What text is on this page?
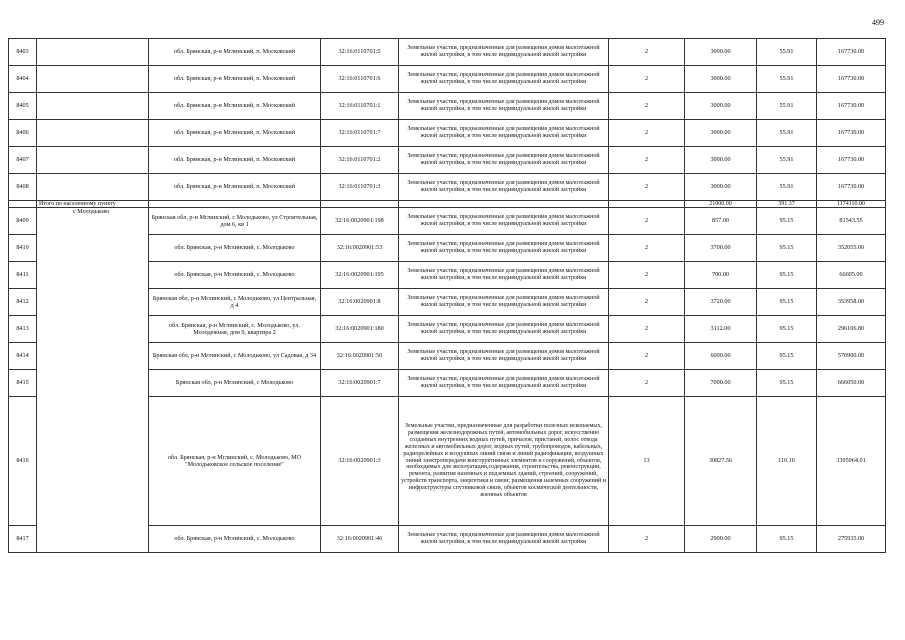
499
8403		обл. Брянская, р-н Мглинский, п. Московский	32:16:0110701:5	Земельные участки, предназначенные для размещения домов малоэтажной жилой застройки, в том числе индивидуальной жилой застройки	2	3000.00	55.91	167730.00
8404		обл. Брянская, р-н Мглинский, п. Московский	32:16:0110701:6	Земельные участки, предназначенные для размещения домов малоэтажной жилой застройки, в том числе индивидуальной жилой застройки	2	3000.00	55.91	167730.00
8405		обл. Брянская, р-н Мглинский, п. Московский	32:16:0110701:1	Земельные участки, предназначенные для размещения домов малоэтажной жилой застройки, в том числе индивидуальной жилой застройки	2	3000.00	55.91	167730.00
8406		обл. Брянская, р-н Мглинский, п. Московский	32:16:0110701:7	Земельные участки, предназначенные для размещения домов малоэтажной жилой застройки, в том числе индивидуальной жилой застройки	2	3000.00	55.91	167730.00
8407		обл. Брянская, р-н Мглинский, п. Московский	32:16:0110701:2	Земельные участки, предназначенные для размещения домов малоэтажной жилой застройки, в том числе индивидуальной жилой застройки	2	3000.00	55.91	167730.00
8408		обл. Брянская, р-н Мглинский, п. Московский	32:16:0110701:3	Земельные участки, предназначенные для размещения домов малоэтажной жилой застройки, в том числе индивидуальной жилой застройки	2	3000.00	55.91	167730.00
	Итого по населенному пункту					21000.00	391.37	1174110.00
8409	с Молодьково	Брянская обл, р-н Мглинский, с Молодьково, ул Строительная, дом 6, кв 1	32:16:0020901:198	Земельные участки, предназначенные для размещения домов малоэтажной жилой застройки, в том числе индивидуальной жилой застройки	2	857.00	95.15	81543.55
8410		обл. Брянская, р-н Мглинский, с. Молодьково	32:16:0020901:53	Земельные участки, предназначенные для размещения домов малоэтажной жилой застройки, в том числе индивидуальной жилой застройки	2	3700.00	95.15	352055.00
8411		обл. Брянская, р-н Мглинский, с. Молодьково	32:16:0020901:195	Земельные участки, предназначенные для размещения домов малоэтажной жилой застройки, в том числе индивидуальной жилой застройки	2	700.00	95.15	66605.00
8412		Брянская обл, р-н Мглинский, с Молодьково, ул Центральная, д 4	32:16:0020901:8	Земельные участки, предназначенные для размещения домов малоэтажной жилой застройки, в том числе индивидуальной жилой застройки	2	3720.00	95.15	353958.00
8413		обл. Брянская, р-н Мглинский, с. Молодьково, ул. Молодежная, дом 9, квартира 2	32:16:0020901:180	Земельные участки, предназначенные для размещения домов малоэтажной жилой застройки, в том числе индивидуальной жилой застройки	2	3112.00	95.15	296106.80
8414		Брянская обл, р-н Мглинский, с Молодьково, ул Садовая, д 34	32:16:0020901:50	Земельные участки, предназначенные для размещения домов малоэтажной жилой застройки, в том числе индивидуальной жилой застройки	2	6000.00	95.15	570900.00
8415		Брянская обл, р-н Мглинский, с Молодьково	32:16:0020901:7	Земельные участки, предназначенные для размещения домов малоэтажной жилой застройки, в том числе индивидуальной жилой застройки	2	7000.00	95.15	666050.00
8416		обл. Брянская, р-н Мглинский, с. Молодьково, МО "Молодьковское сельское поселение"	32:16:0020901:3	Земельные участки, предназначенные для разработки полезных ископаемых, размещения железнодорожных путей, автомобильных дорог, искусственно созданных внутренних водных путей, причалов, пристаней, полос отвода железных и автомобильных дорог, водных путей, трубопроводов, кабельных, радиорелейных и воздушных линий связи и линий радиофикации, воздушных линий электропередачи конструктивных элементов и сооружений, объектов, необходимых для эксплуатации,содержания, строительства, реконструкции, ремонта, развития наземных и подземных зданий, строений, сооружений, устройств транспорта, энергетики и связи; размещения наземных сооружений и инфраструктуры спутниковой связи, объектов космической деятельности, военных объектов	13	30827.56	110.16	3395964.01
8417		обл. Брянская, р-н Мглинский, с. Молодьково	32:16:0020901:46	Земельные участки, предназначенные для размещения домов малоэтажной жилой застройки, в том числе индивидуальной жилой застройки	2	2900.00	95.15	275935.00
